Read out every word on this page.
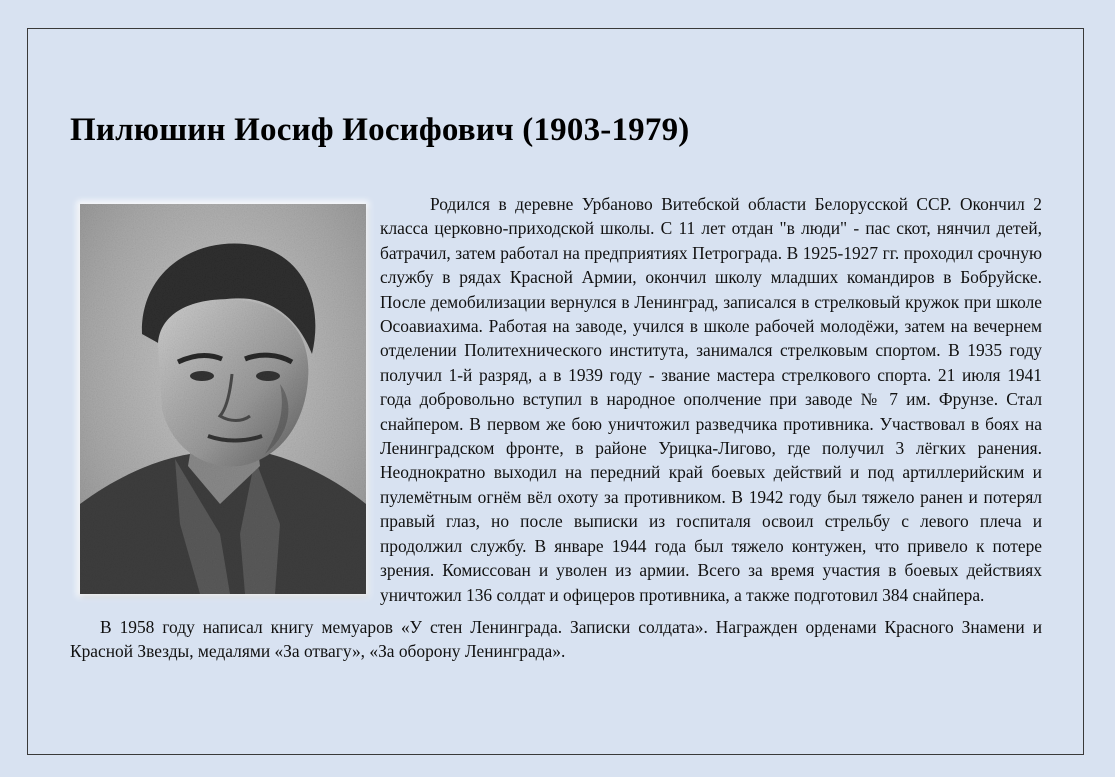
Пилюшин Иосиф Иосифович (1903-1979)

Родился в деревне Урбаново Витебской области Белорусской ССР. Окончил 2 класса церковно-приходской школы. С 11 лет отдан "в люди" - пас скот, нянчил детей, батрачил, затем работал на предприятиях Петрограда. В 1925-1927 гг. проходил срочную службу в рядах Красной Армии, окончил школу младших командиров в Бобруйске. После демобилизации вернулся в Ленинград, записался в стрелковый кружок при школе Осоавиахима. Работая на заводе, учился в школе рабочей молодёжи, затем на вечернем отделении Политехнического института, занимался стрелковым спортом. В 1935 году получил 1-й разряд, а в 1939 году - звание мастера стрелкового спорта. 21 июля 1941 года добровольно вступил в народное ополчение при заводе № 7 им. Фрунзе. Стал снайпером. В первом же бою уничтожил разведчика противника. Участвовал в боях на Ленинградском фронте, в районе Урицка-Лигово, где получил 3 лёгких ранения. Неоднократно выходил на передний край боевых действий и под артиллерийским и пулемётным огнём вёл охоту за противником. В 1942 году был тяжело ранен и потерял правый глаз, но после выписки из госпиталя освоил стрельбу с левого плеча и продолжил службу. В январе 1944 года был тяжело контужен, что привело к потере зрения. Комиссован и уволен из армии. Всего за время участия в боевых действиях уничтожил 136 солдат и офицеров противника, а также подготовил 384 снайпера.

В 1958 году написал книгу мемуаров «У стен Ленинграда. Записки солдата». Награжден орденами Красного Знамени и Красной Звезды, медалями «За отвагу», «За оборону Ленинграда».
